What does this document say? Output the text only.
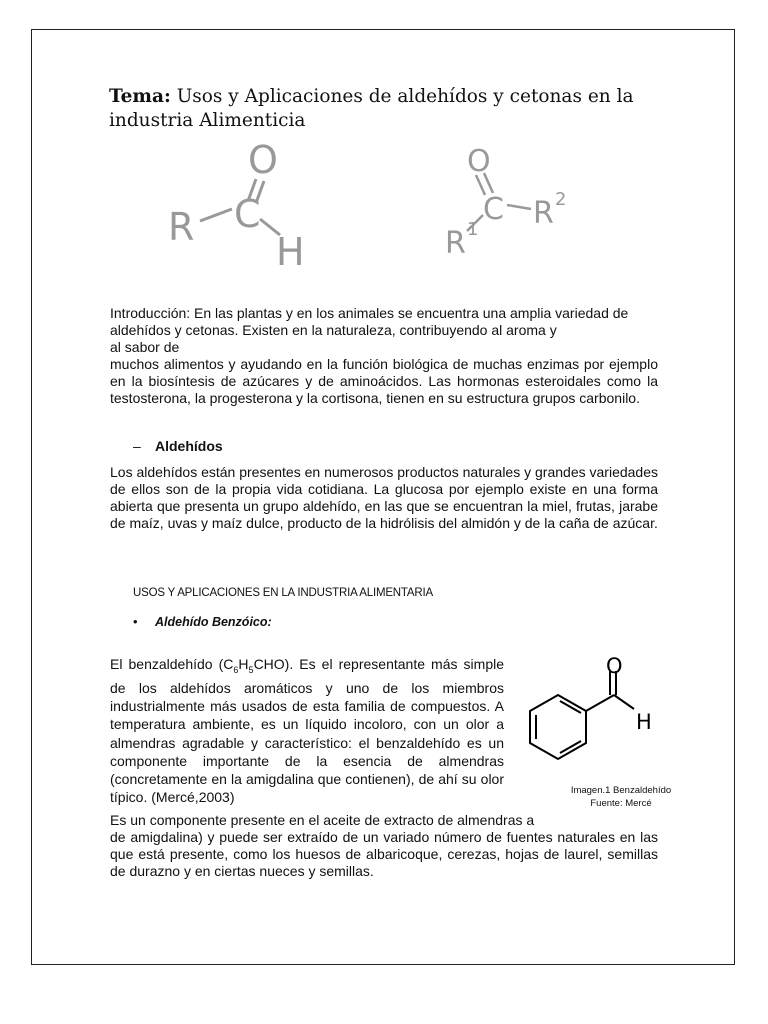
Tema: Usos y Aplicaciones de aldehídos y cetonas en la industria Alimenticia
O
R C
H
O
R
C R
1
2

Introducción: En las plantas y en los animales se encuentra una amplia variedad de
aldehídos y cetonas. Existen en la naturaleza, contribuyendo al aroma y
al sabor de
muchos alimentos y ayudando en la función biológica de muchas enzimas por ejemplo en la biosíntesis de azúcares y de aminoácidos. Las hormonas esteroidales como la testosterona, la progesterona y la cortisona, tienen en su estructura grupos carbonilo.

– Aldehídos

Los aldehídos están presentes en numerosos productos naturales y grandes variedades de ellos son de la propia vida cotidiana. La glucosa por ejemplo existe en una forma abierta que presenta un grupo aldehído, en las que se encuentran la miel, frutas, jarabe de maíz, uvas y maíz dulce, producto de la hidrólisis del almidón y de la caña de azúcar.

USOS Y APLICACIONES EN LA INDUSTRIA ALIMENTARIA
• Aldehído Benzóico:

El benzaldehído $(C_6H_5CHO)$. Es el representante más simple de los aldehídos aromáticos y uno de los miembros industrialmente más usados de esta familia de compuestos. A temperatura ambiente, es un líquido incoloro, con un olor a almendras agradable y característico: el benzaldehído es un componente importante de la esencia de almendras (concretamente en la amigdalina que contienen), de ahí su olor típico. (Mercé,2003)

O
H
Imagen.1 Benzaldehído
Fuente: Mercé

Es un componente presente en el aceite de extracto de almendras a
de amigdalina) y puede ser extraído de un variado número de fuentes naturales en las que está presente, como los huesos de albaricoque, cerezas, hojas de laurel, semillas de durazno y en ciertas nueces y semillas.
